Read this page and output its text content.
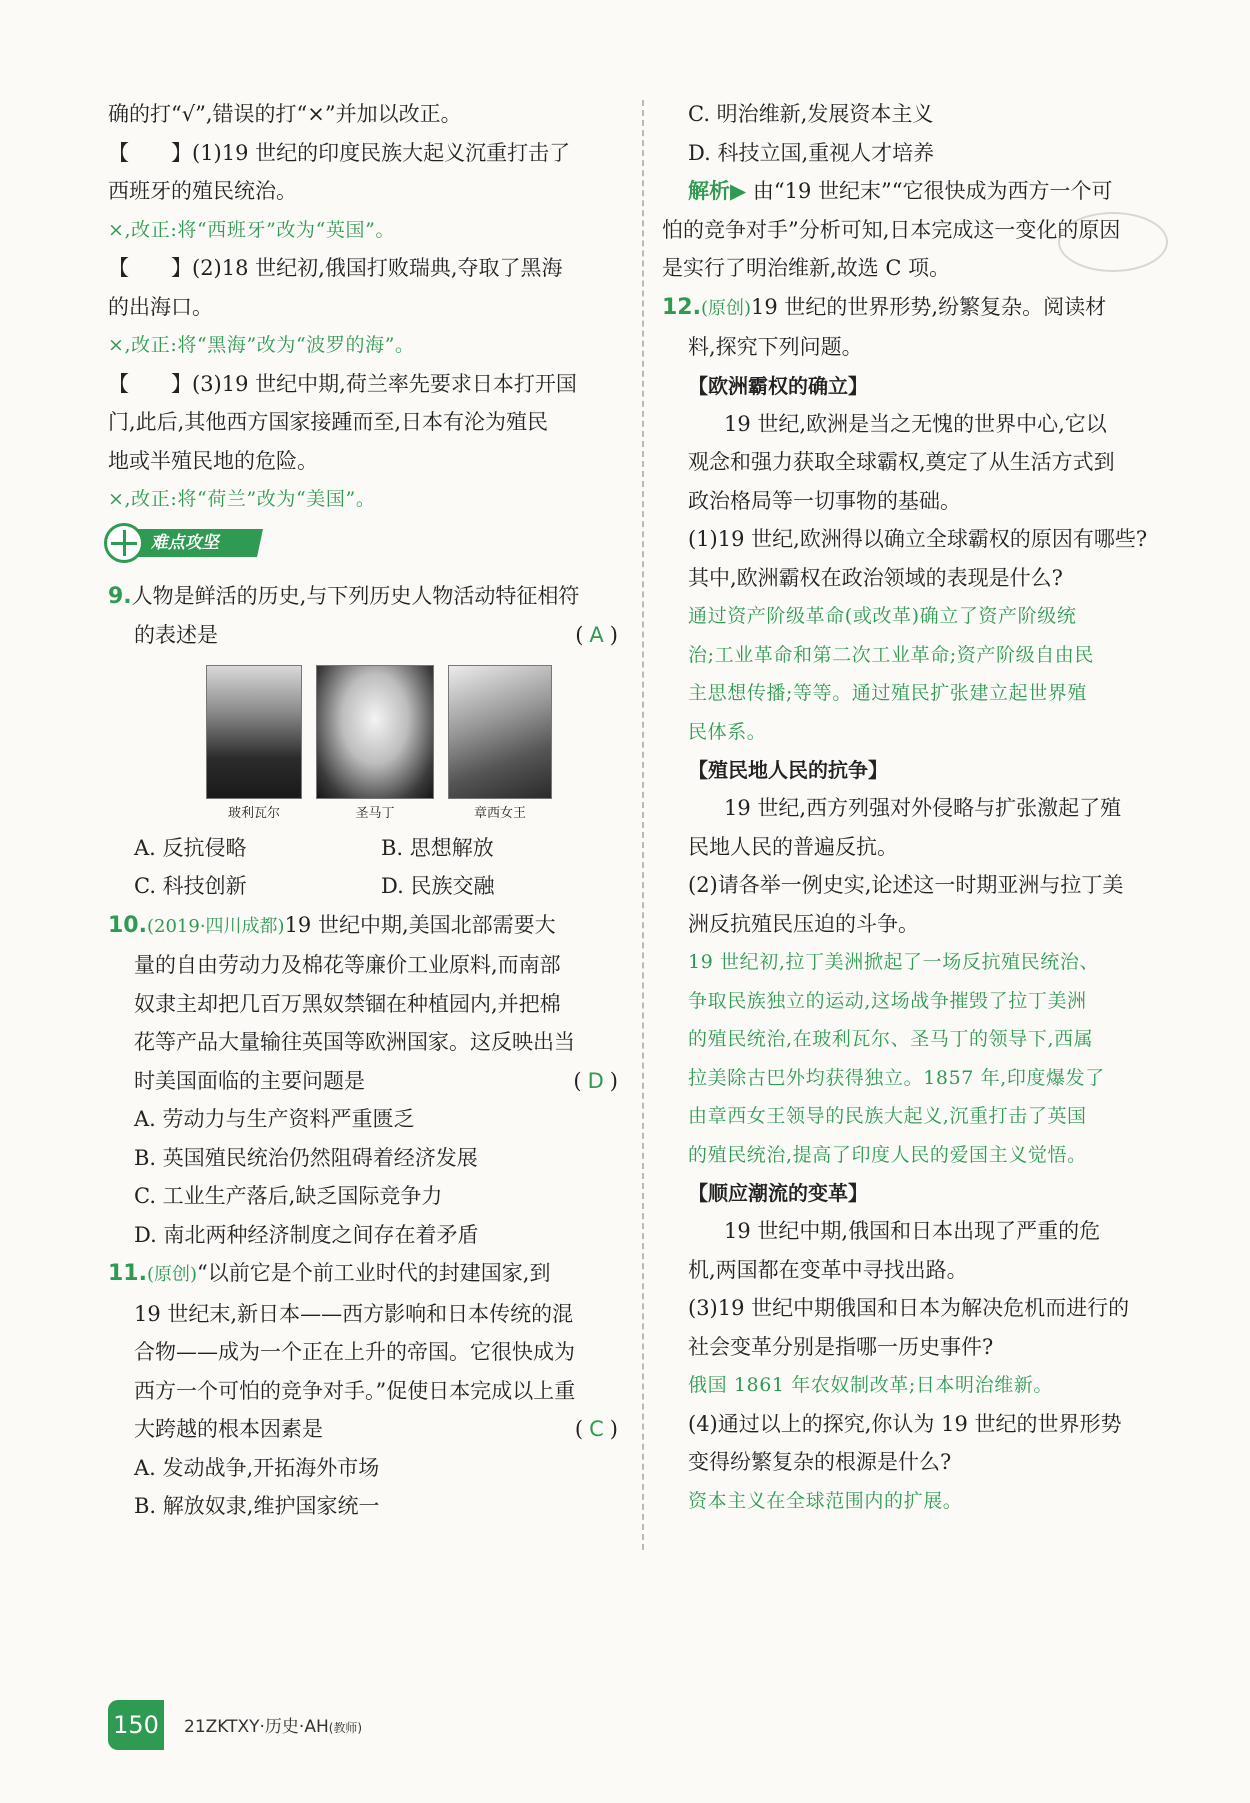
确的打“√”,错误的打“×”并加以改正。
【　　】(1)19 世纪的印度民族大起义沉重打击了
西班牙的殖民统治。
×,改正:将“西班牙”改为“英国”。
【　　】(2)18 世纪初,俄国打败瑞典,夺取了黑海
的出海口。
×,改正:将“黑海”改为“波罗的海”。
【　　】(3)19 世纪中期,荷兰率先要求日本打开国
门,此后,其他西方国家接踵而至,日本有沦为殖民
地或半殖民地的危险。
×,改正:将“荷兰”改为“美国”。
难点攻坚
9.人物是鲜活的历史,与下列历史人物活动特征相符
的表述是	(A)
玻利瓦尔	圣马丁	章西女王
A. 反抗侵略	B. 思想解放
C. 科技创新	D. 民族交融
10.(2019·四川成都)19 世纪中期,美国北部需要大
量的自由劳动力及棉花等廉价工业原料,而南部
奴隶主却把几百万黑奴禁锢在种植园内,并把棉
花等产品大量输往英国等欧洲国家。这反映出当
时美国面临的主要问题是	(D)
A. 劳动力与生产资料严重匮乏
B. 英国殖民统治仍然阻碍着经济发展
C. 工业生产落后,缺乏国际竞争力
D. 南北两种经济制度之间存在着矛盾
11.(原创)“以前它是个前工业时代的封建国家,到
19 世纪末,新日本——西方影响和日本传统的混
合物——成为一个正在上升的帝国。它很快成为
西方一个可怕的竞争对手。”促使日本完成以上重
大跨越的根本因素是	(C)
A. 发动战争,开拓海外市场
B. 解放奴隶,维护国家统一
C. 明治维新,发展资本主义
D. 科技立国,重视人才培养
解析▶ 由“19 世纪末”“它很快成为西方一个可
怕的竞争对手”分析可知,日本完成这一变化的原因
是实行了明治维新,故选 C 项。
12.(原创)19 世纪的世界形势,纷繁复杂。阅读材
料,探究下列问题。
【欧洲霸权的确立】
19 世纪,欧洲是当之无愧的世界中心,它以
观念和强力获取全球霸权,奠定了从生活方式到
政治格局等一切事物的基础。
(1)19 世纪,欧洲得以确立全球霸权的原因有哪些?
其中,欧洲霸权在政治领域的表现是什么?
通过资产阶级革命(或改革)确立了资产阶级统
治;工业革命和第二次工业革命;资产阶级自由民
主思想传播;等等。通过殖民扩张建立起世界殖
民体系。
【殖民地人民的抗争】
19 世纪,西方列强对外侵略与扩张激起了殖
民地人民的普遍反抗。
(2)请各举一例史实,论述这一时期亚洲与拉丁美
洲反抗殖民压迫的斗争。
19 世纪初,拉丁美洲掀起了一场反抗殖民统治、
争取民族独立的运动,这场战争摧毁了拉丁美洲
的殖民统治,在玻利瓦尔、圣马丁的领导下,西属
拉美除古巴外均获得独立。1857 年,印度爆发了
由章西女王领导的民族大起义,沉重打击了英国
的殖民统治,提高了印度人民的爱国主义觉悟。
【顺应潮流的变革】
19 世纪中期,俄国和日本出现了严重的危
机,两国都在变革中寻找出路。
(3)19 世纪中期俄国和日本为解决危机而进行的
社会变革分别是指哪一历史事件?
俄国 1861 年农奴制改革;日本明治维新。
(4)通过以上的探究,你认为 19 世纪的世界形势
变得纷繁复杂的根源是什么?
资本主义在全球范围内的扩展。
150 21ZKTXY·历史·AH(教师)
